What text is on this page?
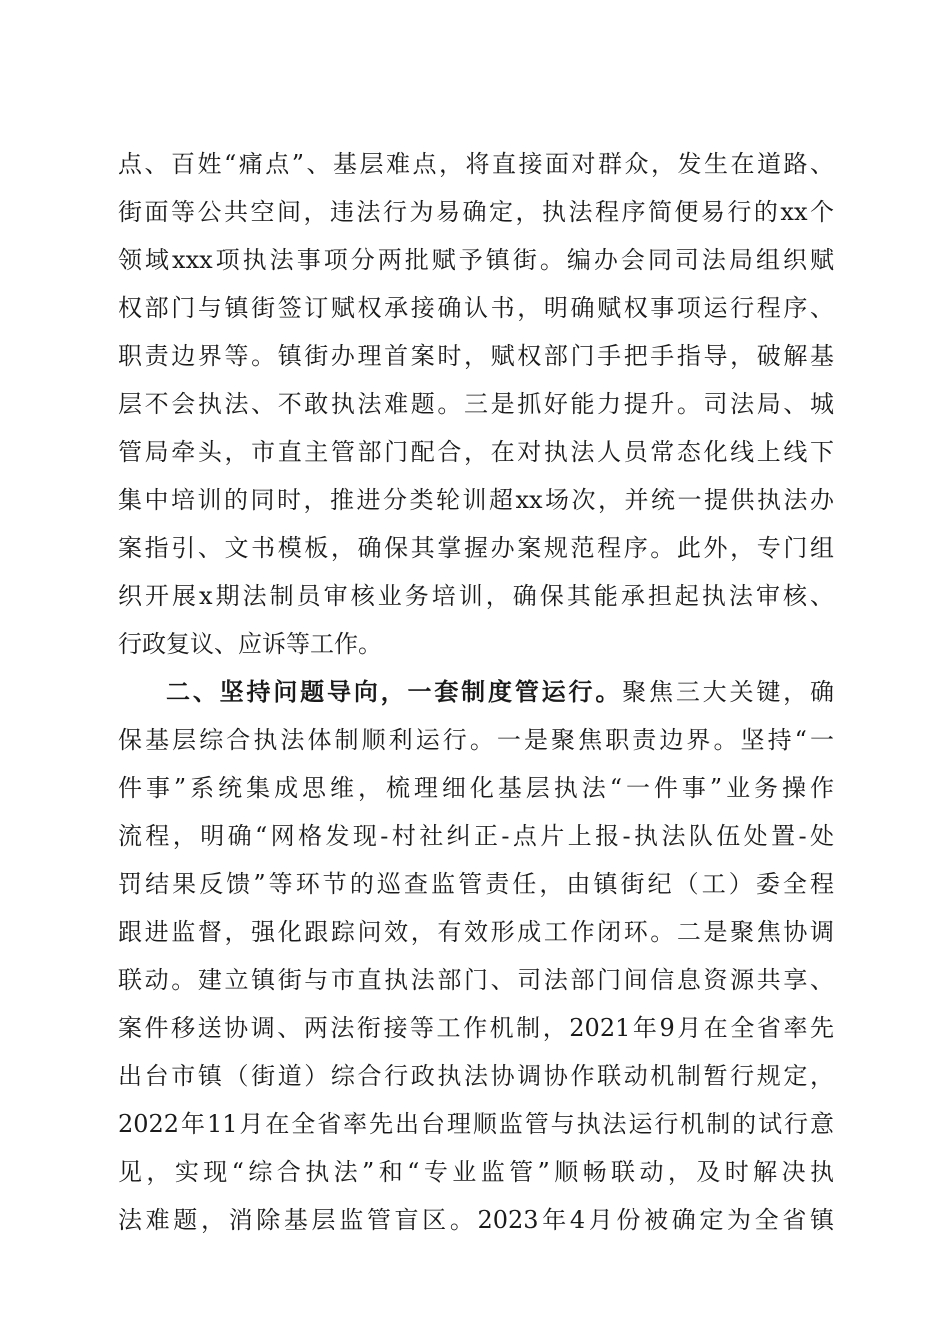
点、百姓“痛点”、基层难点，将直接面对群众，发生在道路、
街面等公共空间，违法行为易确定，执法程序简便易行的xx个
领域xxx项执法事项分两批赋予镇街。编办会同司法局组织赋
权部门与镇街签订赋权承接确认书，明确赋权事项运行程序、
职责边界等。镇街办理首案时，赋权部门手把手指导，破解基
层不会执法、不敢执法难题。三是抓好能力提升。司法局、城
管局牵头，市直主管部门配合，在对执法人员常态化线上线下
集中培训的同时，推进分类轮训超xx场次，并统一提供执法办
案指引、文书模板，确保其掌握办案规范程序。此外，专门组
织开展x期法制员审核业务培训，确保其能承担起执法审核、
行政复议、应诉等工作。
二、坚持问题导向，一套制度管运行。聚焦三大关键，确
保基层综合执法体制顺利运行。一是聚焦职责边界。坚持“一
件事”系统集成思维，梳理细化基层执法“一件事”业务操作
流程，明确“网格发现-村社纠正-点片上报-执法队伍处置-处
罚结果反馈”等环节的巡查监管责任，由镇街纪（工）委全程
跟进监督，强化跟踪问效，有效形成工作闭环。二是聚焦协调
联动。建立镇街与市直执法部门、司法部门间信息资源共享、
案件移送协调、两法衔接等工作机制，2021年9月在全省率先
出台市镇（街道）综合行政执法协调协作联动机制暂行规定，
2022年11月在全省率先出台理顺监管与执法运行机制的试行意
见，实现“综合执法”和“专业监管”顺畅联动，及时解决执
法难题，消除基层监管盲区。2023年4月份被确定为全省镇
